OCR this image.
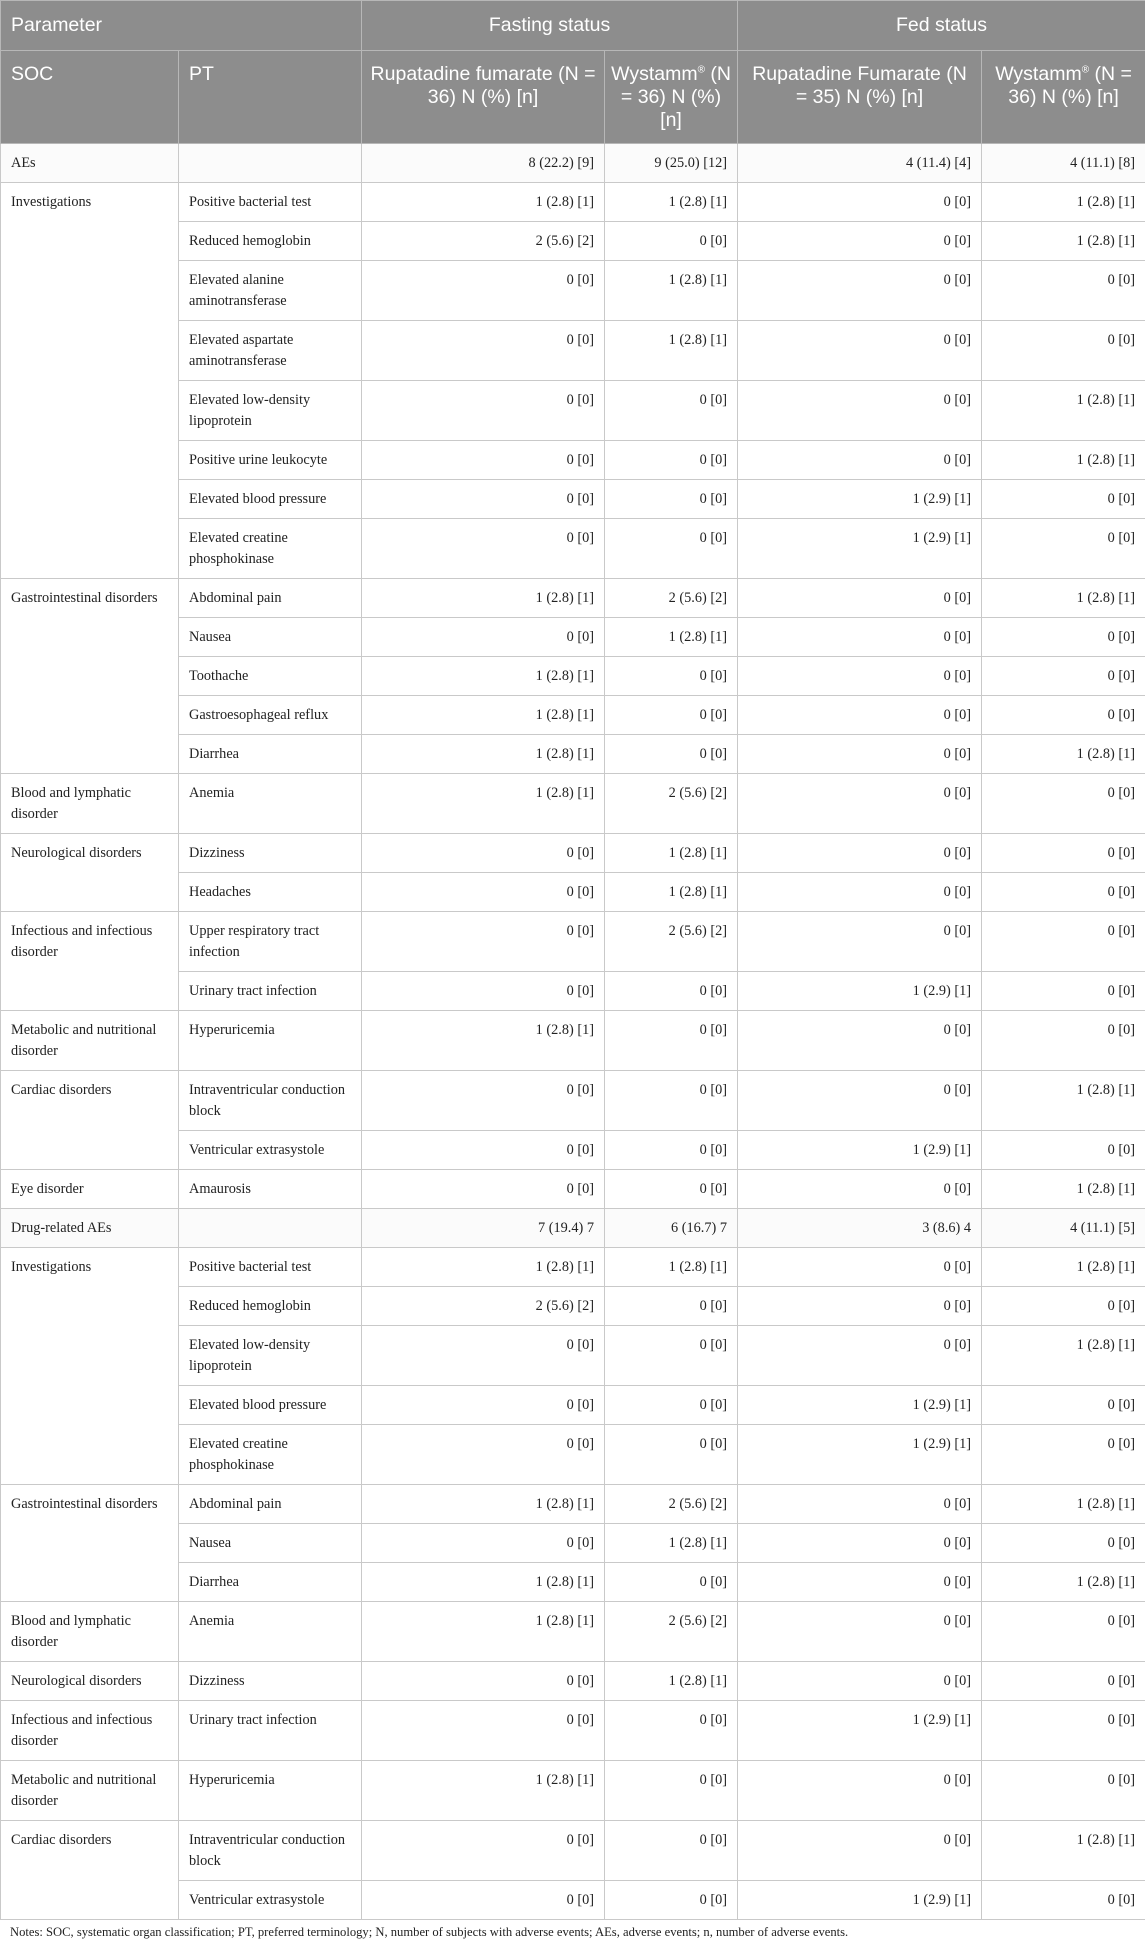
Parameter		Fasting status		Fed status	
SOC	PT	Rupatadine fumarate (N = 36) N (%) [n]	Wystamm® (N = 36) N (%) [n]	Rupatadine Fumarate (N = 35) N (%) [n]	Wystamm® (N = 36) N (%) [n]
AEs		8 (22.2) [9]	9 (25.0) [12]	4 (11.4) [4]	4 (11.1) [8]
Investigations	Positive bacterial test	1 (2.8) [1]	1 (2.8) [1]	0 [0]	1 (2.8) [1]
	Reduced hemoglobin	2 (5.6) [2]	0 [0]	0 [0]	1 (2.8) [1]
	Elevated alanine aminotransferase	0 [0]	1 (2.8) [1]	0 [0]	0 [0]
	Elevated aspartate aminotransferase	0 [0]	1 (2.8) [1]	0 [0]	0 [0]
	Elevated low-density lipoprotein	0 [0]	0 [0]	0 [0]	1 (2.8) [1]
	Positive urine leukocyte	0 [0]	0 [0]	0 [0]	1 (2.8) [1]
	Elevated blood pressure	0 [0]	0 [0]	1 (2.9) [1]	0 [0]
	Elevated creatine phosphokinase	0 [0]	0 [0]	1 (2.9) [1]	0 [0]
Gastrointestinal disorders	Abdominal pain	1 (2.8) [1]	2 (5.6) [2]	0 [0]	1 (2.8) [1]
	Nausea	0 [0]	1 (2.8) [1]	0 [0]	0 [0]
	Toothache	1 (2.8) [1]	0 [0]	0 [0]	0 [0]
	Gastroesophageal reflux	1 (2.8) [1]	0 [0]	0 [0]	0 [0]
	Diarrhea	1 (2.8) [1]	0 [0]	0 [0]	1 (2.8) [1]
Blood and lymphatic disorder	Anemia	1 (2.8) [1]	2 (5.6) [2]	0 [0]	0 [0]
Neurological disorders	Dizziness	0 [0]	1 (2.8) [1]	0 [0]	0 [0]
	Headaches	0 [0]	1 (2.8) [1]	0 [0]	0 [0]
Infectious and infectious disorder	Upper respiratory tract infection	0 [0]	2 (5.6) [2]	0 [0]	0 [0]
	Urinary tract infection	0 [0]	0 [0]	1 (2.9) [1]	0 [0]
Metabolic and nutritional disorder	Hyperuricemia	1 (2.8) [1]	0 [0]	0 [0]	0 [0]
Cardiac disorders	Intraventricular conduction block	0 [0]	0 [0]	0 [0]	1 (2.8) [1]
	Ventricular extrasystole	0 [0]	0 [0]	1 (2.9) [1]	0 [0]
Eye disorder	Amaurosis	0 [0]	0 [0]	0 [0]	1 (2.8) [1]
Drug-related AEs		7 (19.4) 7	6 (16.7) 7	3 (8.6) 4	4 (11.1) [5]
Investigations	Positive bacterial test	1 (2.8) [1]	1 (2.8) [1]	0 [0]	1 (2.8) [1]
	Reduced hemoglobin	2 (5.6) [2]	0 [0]	0 [0]	0 [0]
	Elevated low-density lipoprotein	0 [0]	0 [0]	0 [0]	1 (2.8) [1]
	Elevated blood pressure	0 [0]	0 [0]	1 (2.9) [1]	0 [0]
	Elevated creatine phosphokinase	0 [0]	0 [0]	1 (2.9) [1]	0 [0]
Gastrointestinal disorders	Abdominal pain	1 (2.8) [1]	2 (5.6) [2]	0 [0]	1 (2.8) [1]
	Nausea	0 [0]	1 (2.8) [1]	0 [0]	0 [0]
	Diarrhea	1 (2.8) [1]	0 [0]	0 [0]	1 (2.8) [1]
Blood and lymphatic disorder	Anemia	1 (2.8) [1]	2 (5.6) [2]	0 [0]	0 [0]
Neurological disorders	Dizziness	0 [0]	1 (2.8) [1]	0 [0]	0 [0]
Infectious and infectious disorder	Urinary tract infection	0 [0]	0 [0]	1 (2.9) [1]	0 [0]
Metabolic and nutritional disorder	Hyperuricemia	1 (2.8) [1]	0 [0]	0 [0]	0 [0]
Cardiac disorders	Intraventricular conduction block	0 [0]	0 [0]	0 [0]	1 (2.8) [1]
	Ventricular extrasystole	0 [0]	0 [0]	1 (2.9) [1]	0 [0]
Notes: SOC, systematic organ classification; PT, preferred terminology; N, number of subjects with adverse events; AEs, adverse events; n, number of adverse events.
